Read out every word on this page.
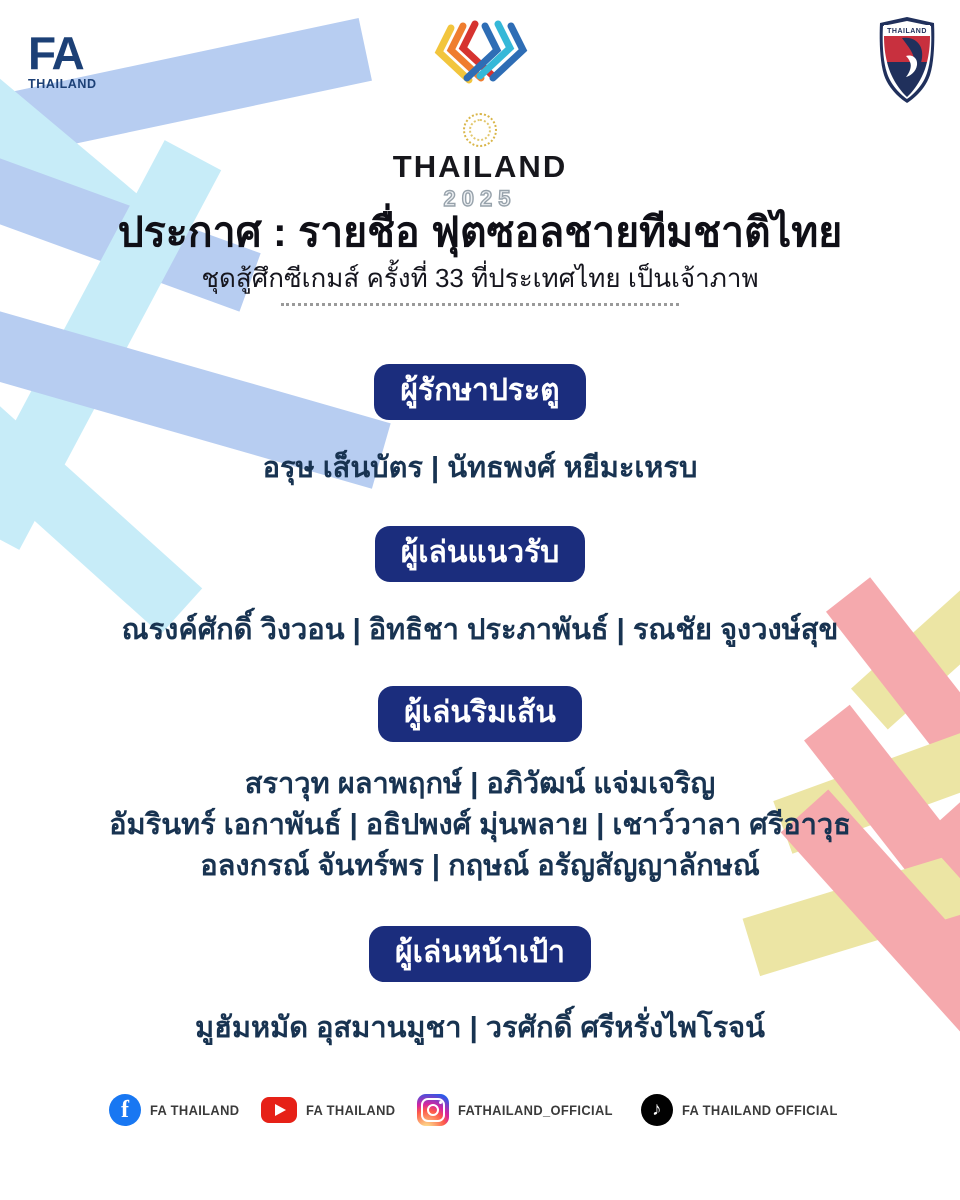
FA
THAILAND
THAILAND
2025
THAILAND
ประกาศ : รายชื่อ ฟุตซอลชายทีมชาติไทย
ชุดสู้ศึกซีเกมส์ ครั้งที่ 33 ที่ประเทศไทย เป็นเจ้าภาพ
ผู้รักษาประตู
อรุษ เส็นบัตร | นัทธพงศ์ หยีมะเหรบ
ผู้เล่นแนวรับ
ณรงค์ศักดิ์ วิงวอน | อิทธิชา ประภาพันธ์ | รณชัย จูงวงษ์สุข
ผู้เล่นริมเส้น
สราวุท ผลาพฤกษ์ | อภิวัฒน์ แจ่มเจริญ
อัมรินทร์ เอกาพันธ์ | อธิปพงศ์ มุ่นพลาย | เชาว์วาลา ศรีอาวุธ
อลงกรณ์ จันทร์พร | กฤษณ์ อรัญสัญญาลักษณ์
ผู้เล่นหน้าเป้า
มูฮัมหมัด อุสมานมูชา | วรศักดิ์ ศรีหรั่งไพโรจน์
f	FA THAILAND	FA THAILAND	FATHAILAND_OFFICIAL	♪	FA THAILAND OFFICIAL
